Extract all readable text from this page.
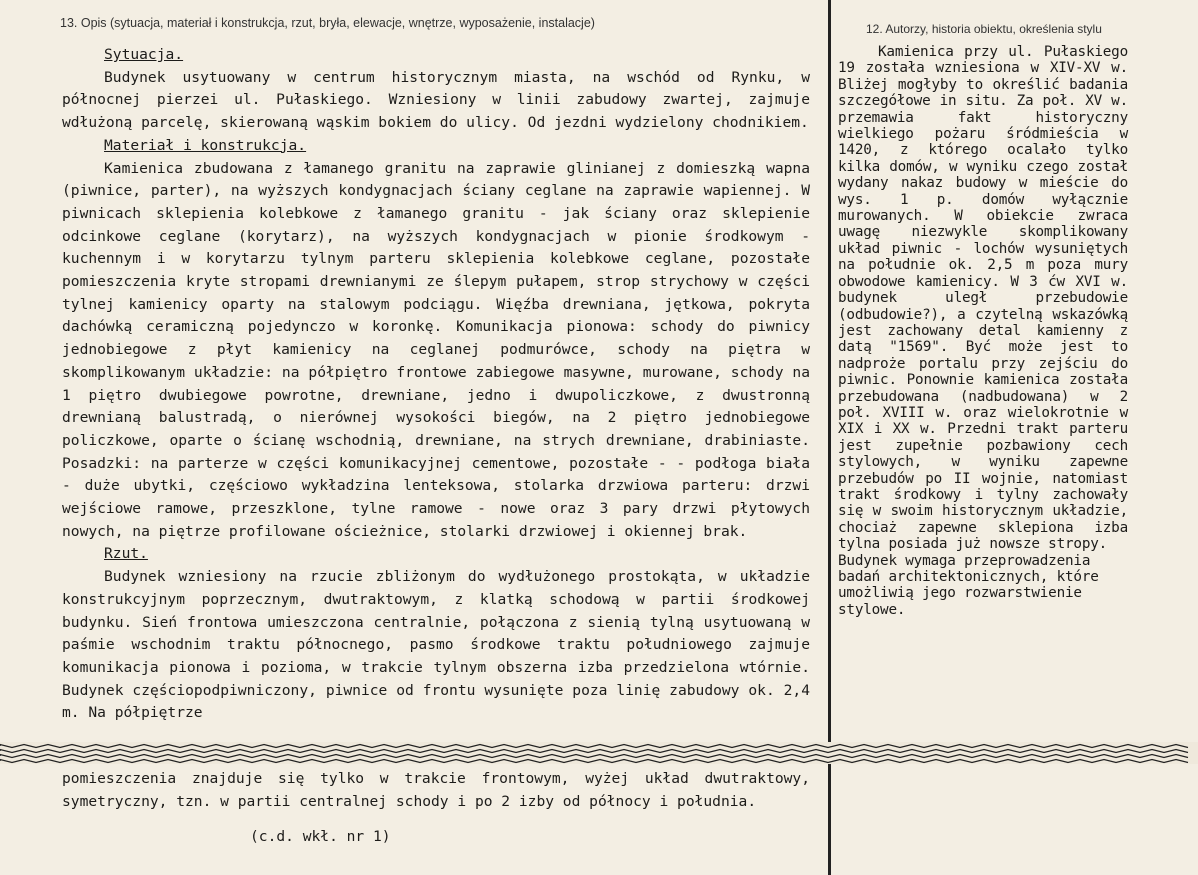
13. Opis (sytuacja, materiał i konstrukcja, rzut, bryła, elewacje, wnętrze, wyposażenie, instalacje)	12. Autorzy, historia obiektu, określenia stylu
Sytuacja.

Budynek usytuowany w centrum historycznym miasta, na wschód od Rynku, w północnej pierzei ul. Pułaskiego. Wzniesiony w linii zabudowy zwartej, zajmuje wdłużoną parcelę, skierowaną wąskim bokiem do ulicy. Od jezdni wydzielony chodnikiem.

Materiał i konstrukcja.

Kamienica zbudowana z łamanego granitu na zaprawie glinianej z domieszką wapna (piwnice, parter), na wyższych kondygnacjach ściany ceglane na zaprawie wapiennej. W piwnicach sklepienia kolebkowe z łamanego granitu - jak ściany oraz sklepienie odcinkowe ceglane (korytarz), na wyższych kondygnacjach w pionie środkowym - kuchennym i w korytarzu tylnym parteru sklepienia kolebkowe ceglane, pozostałe pomieszczenia kryte stropami drewnianymi ze ślepym pułapem, strop strychowy w części tylnej kamienicy oparty na stalowym podciągu. Więźba drewniana, jętkowa, pokryta dachówką ceramiczną pojedynczo w koronkę. Komunikacja pionowa: schody do piwnicy jednobiegowe z płyt kamienicy na ceglanej podmurówce, schody na piętra w skomplikowanym układzie: na półpiętro frontowe zabiegowe masywne, murowane, schody na 1 piętro dwubiegowe powrotne, drewniane, jedno i dwupoliczkowe, z dwustronną drewnianą balustradą, o nierównej wysokości biegów, na 2 piętro jednobiegowe policzkowe, oparte o ścianę wschodnią, drewniane, na strych drewniane, drabiniaste. Posadzki: na parterze w części komunikacyjnej cementowe, pozostałe - - podłoga biała - duże ubytki, częściowo wykładzina lenteksowa, stolarka drzwiowa parteru: drzwi wejściowe ramowe, przeszklone, tylne ramowe - nowe oraz 3 pary drzwi płytowych nowych, na piętrze profilowane ościeżnice, stolarki drzwiowej i okiennej brak.

Rzut.

Budynek wzniesiony na rzucie zbliżonym do wydłużonego prostokąta, w układzie konstrukcyjnym poprzecznym, dwutraktowym, z klatką schodową w partii środkowej budynku. Sień frontowa umieszczona centralnie, połączona z sienią tylną usytuowaną w paśmie wschodnim traktu północnego, pasmo środkowe traktu południowego zajmuje komunikacja pionowa i pozioma, w trakcie tylnym obszerna izba przedzielona wtórnie. Budynek częściopodpiwniczony, piwnice od frontu wysunięte poza linię zabudowy ok. 2,4 m. Na półpiętrze

Kamienica przy ul. Pułaskiego 19 została wzniesiona w XIV-XV w. Bliżej mogłyby to określić badania szczegółowe in situ. Za poł. XV w. przemawia fakt historyczny wielkiego pożaru śródmieścia w 1420, z którego ocalało tylko kilka domów, w wyniku czego został wydany nakaz budowy w mieście do wys. 1 p. domów wyłącznie murowanych. W obiekcie zwraca uwagę niezwykle skomplikowany układ piwnic - lochów wysuniętych na południe ok. 2,5 m poza mury obwodowe kamienicy. W 3 ćw XVI w. budynek uległ przebudowie (odbudowie?), a czytelną wskazówką jest zachowany detal kamienny z datą "1569". Być może jest to nadproże portalu przy zejściu do piwnic. Ponownie kamienica została przebudowana (nadbudowana) w 2 poł. XVIII w. oraz wielokrotnie w XIX i XX w. Przedni trakt parteru jest zupełnie pozbawiony cech stylowych, w wyniku zapewne przebudów po II wojnie, natomiast trakt środkowy i tylny zachowały się w swoim historycznym układzie, chociaż zapewne sklepiona izba tylna posiada już nowsze stropy.

Budynek wymaga przeprowadzenia badań architektonicznych, które umożliwią jego rozwarstwienie stylowe.

pomieszczenia znajduje się tylko w trakcie frontowym, wyżej układ dwutraktowy, symetryczny, tzn. w partii centralnej schody i po 2 izby od północy i południa.

(c.d. wkł. nr 1)
